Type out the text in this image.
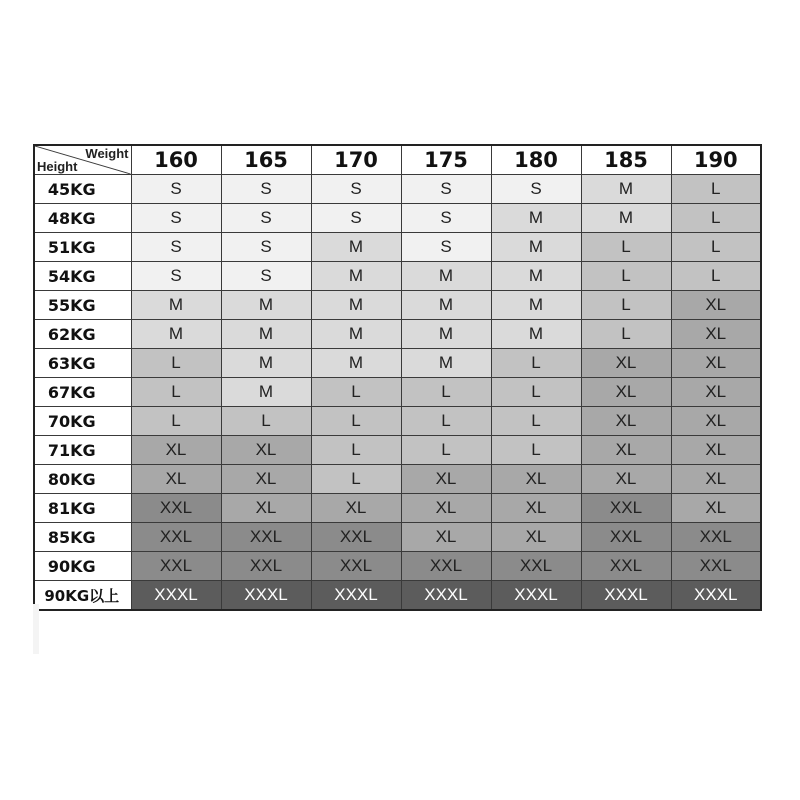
Weight
Height	160	165	170	175	180	185	190
45KG	S	S	S	S	S	M	L
48KG	S	S	S	S	M	M	L
51KG	S	S	M	S	M	L	L
54KG	S	S	M	M	M	L	L
55KG	M	M	M	M	M	L	XL
62KG	M	M	M	M	M	L	XL
63KG	L	M	M	M	L	XL	XL
67KG	L	M	L	L	L	XL	XL
70KG	L	L	L	L	L	XL	XL
71KG	XL	XL	L	L	L	XL	XL
80KG	XL	XL	L	XL	XL	XL	XL
81KG	XXL	XL	XL	XL	XL	XXL	XL
85KG	XXL	XXL	XXL	XL	XL	XXL	XXL
90KG	XXL	XXL	XXL	XXL	XXL	XXL	XXL
90KG以上	XXXL	XXXL	XXXL	XXXL	XXXL	XXXL	XXXL
